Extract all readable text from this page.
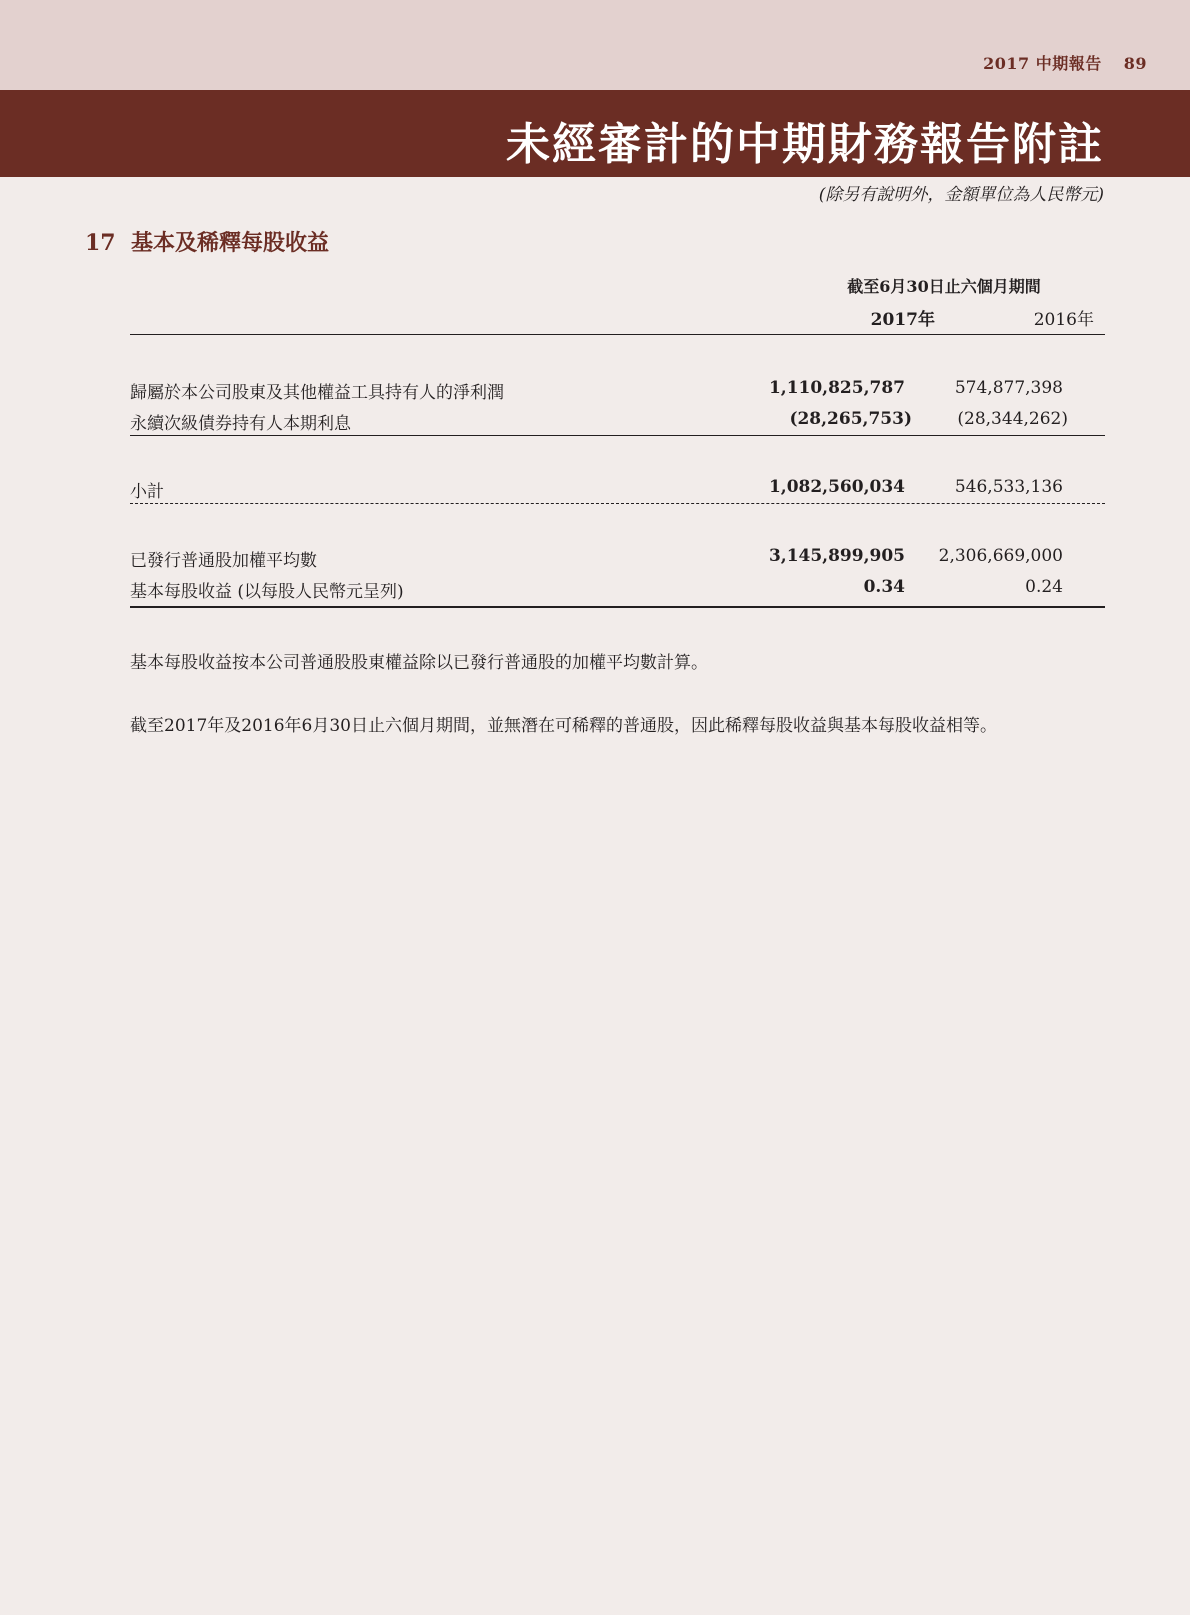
2017 中期報告 89
未經審計的中期財務報告附註
(除另有說明外，金額單位為人民幣元)
17 基本及稀釋每股收益
截至6月30日止六個月期間
2017年	2016年
歸屬於本公司股東及其他權益工具持有人的淨利潤	1,110,825,787	574,877,398
永續次級債券持有人本期利息	(28,265,753)	(28,344,262)
小計	1,082,560,034	546,533,136
已發行普通股加權平均數	3,145,899,905 2,306,669,000
基本每股收益 (以每股人民幣元呈列)	0.34	0.24
基本每股收益按本公司普通股股東權益除以已發行普通股的加權平均數計算。
截至2017年及2016年6月30日止六個月期間，並無潛在可稀釋的普通股，因此稀釋每股收益與基本每股收益相等。
